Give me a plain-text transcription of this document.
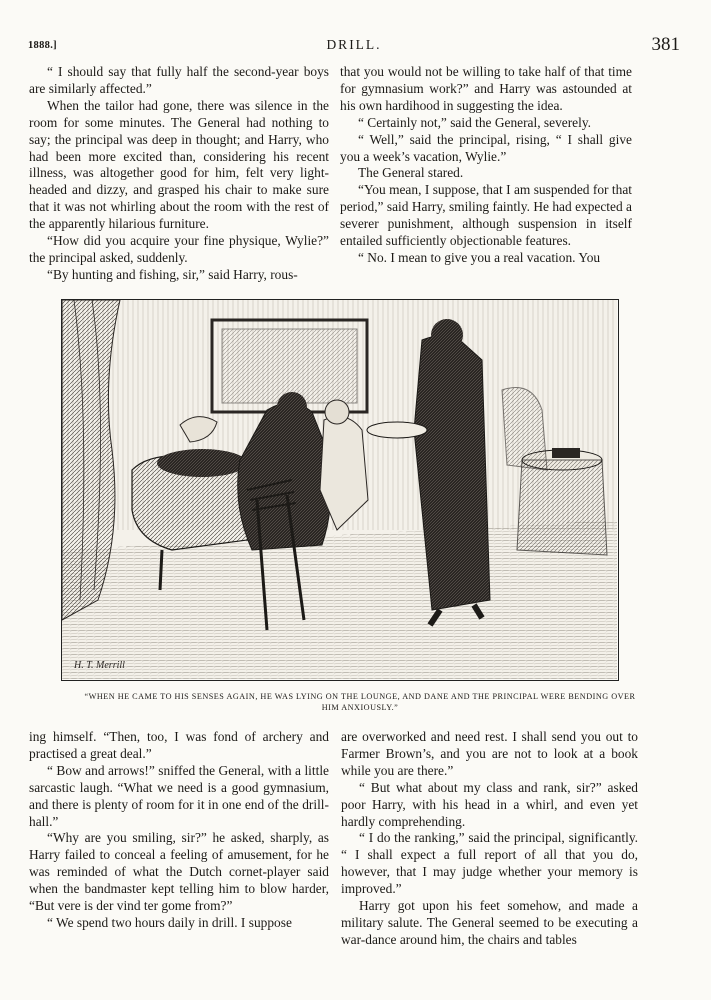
1888.]	DRILL.	381

“ I should say that fully half the second-year boys are similarly affected.”

When the tailor had gone, there was silence in the room for some minutes. The General had nothing to say; the principal was deep in thought; and Harry, who had been more excited than, considering his recent illness, was altogether good for him, felt very light-headed and dizzy, and grasped his chair to make sure that it was not whirling about the room with the rest of the apparently hilarious furniture.

“How did you acquire your fine physique, Wylie?” the principal asked, suddenly.

“By hunting and fishing, sir,” said Harry, rous-

that you would not be willing to take half of that time for gymnasium work?” and Harry was astounded at his own hardihood in suggesting the idea.

“ Certainly not,” said the General, severely.

“ Well,” said the principal, rising, “ I shall give you a week’s vacation, Wylie.”

The General stared.

“You mean, I suppose, that I am suspended for that period,” said Harry, smiling faintly. He had expected a severer punishment, although suspension in itself entailed sufficiently objectionable features.

“ No. I mean to give you a real vacation. You

H. T. Merrill
“WHEN HE CAME TO HIS SENSES AGAIN, HE WAS LYING ON THE LOUNGE, AND DANE AND THE PRINCIPAL WERE BENDING OVER HIM ANXIOUSLY.”

ing himself. “Then, too, I was fond of archery and practised a great deal.”

“ Bow and arrows!” sniffed the General, with a little sarcastic laugh. “What we need is a good gymnasium, and there is plenty of room for it in one end of the drill-hall.”

“Why are you smiling, sir?” he asked, sharply, as Harry failed to conceal a feeling of amusement, for he was reminded of what the Dutch cornet-player said when the bandmaster kept telling him to blow harder, “But vere is der vind ter gome from?”

“ We spend two hours daily in drill. I suppose

are overworked and need rest. I shall send you out to Farmer Brown’s, and you are not to look at a book while you are there.”

“ But what about my class and rank, sir?” asked poor Harry, with his head in a whirl, and even yet hardly comprehending.

“ I do the ranking,” said the principal, significantly. “ I shall expect a full report of all that you do, however, that I may judge whether your memory is improved.”

Harry got upon his feet somehow, and made a military salute. The General seemed to be executing a war-dance around him, the chairs and tables
